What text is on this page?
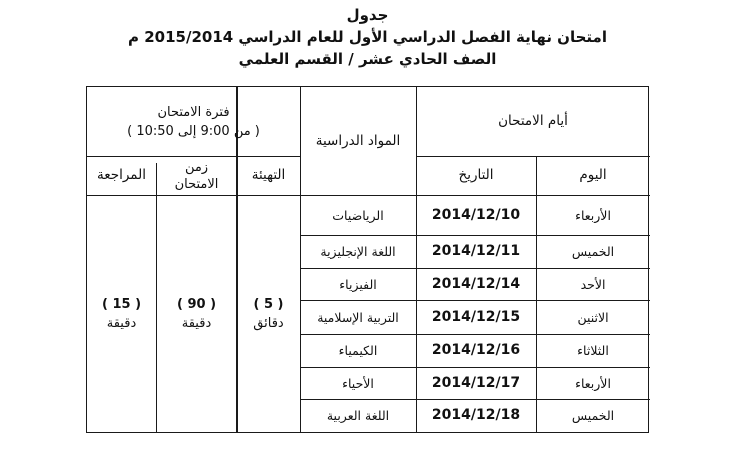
جدول
امتحان نهاية الفصل الدراسي الأول للعام الدراسي 2015/2014 م
الصف الحادي عشر / القسم العلمي
أيام الامتحان
المواد الدراسية
فترة الامتحان
( من 9:00 إلى 10:50 )
اليوم
التاريخ
التهيئة
زمن
الامتحان
المراجعة
الأربعاء
2014/12/10
الرياضيات
الخميس
2014/12/11
اللغة الإنجليزية
الأحد
2014/12/14
الفيزياء
الاثنين
2014/12/15
التربية الإسلامية
الثلاثاء
2014/12/16
الكيمياء
الأربعاء
2014/12/17
الأحياء
الخميس
2014/12/18
اللغة العربية
( 5 )
دقائق
( 90 )
دقيقة
( 15 )
دقيقة
